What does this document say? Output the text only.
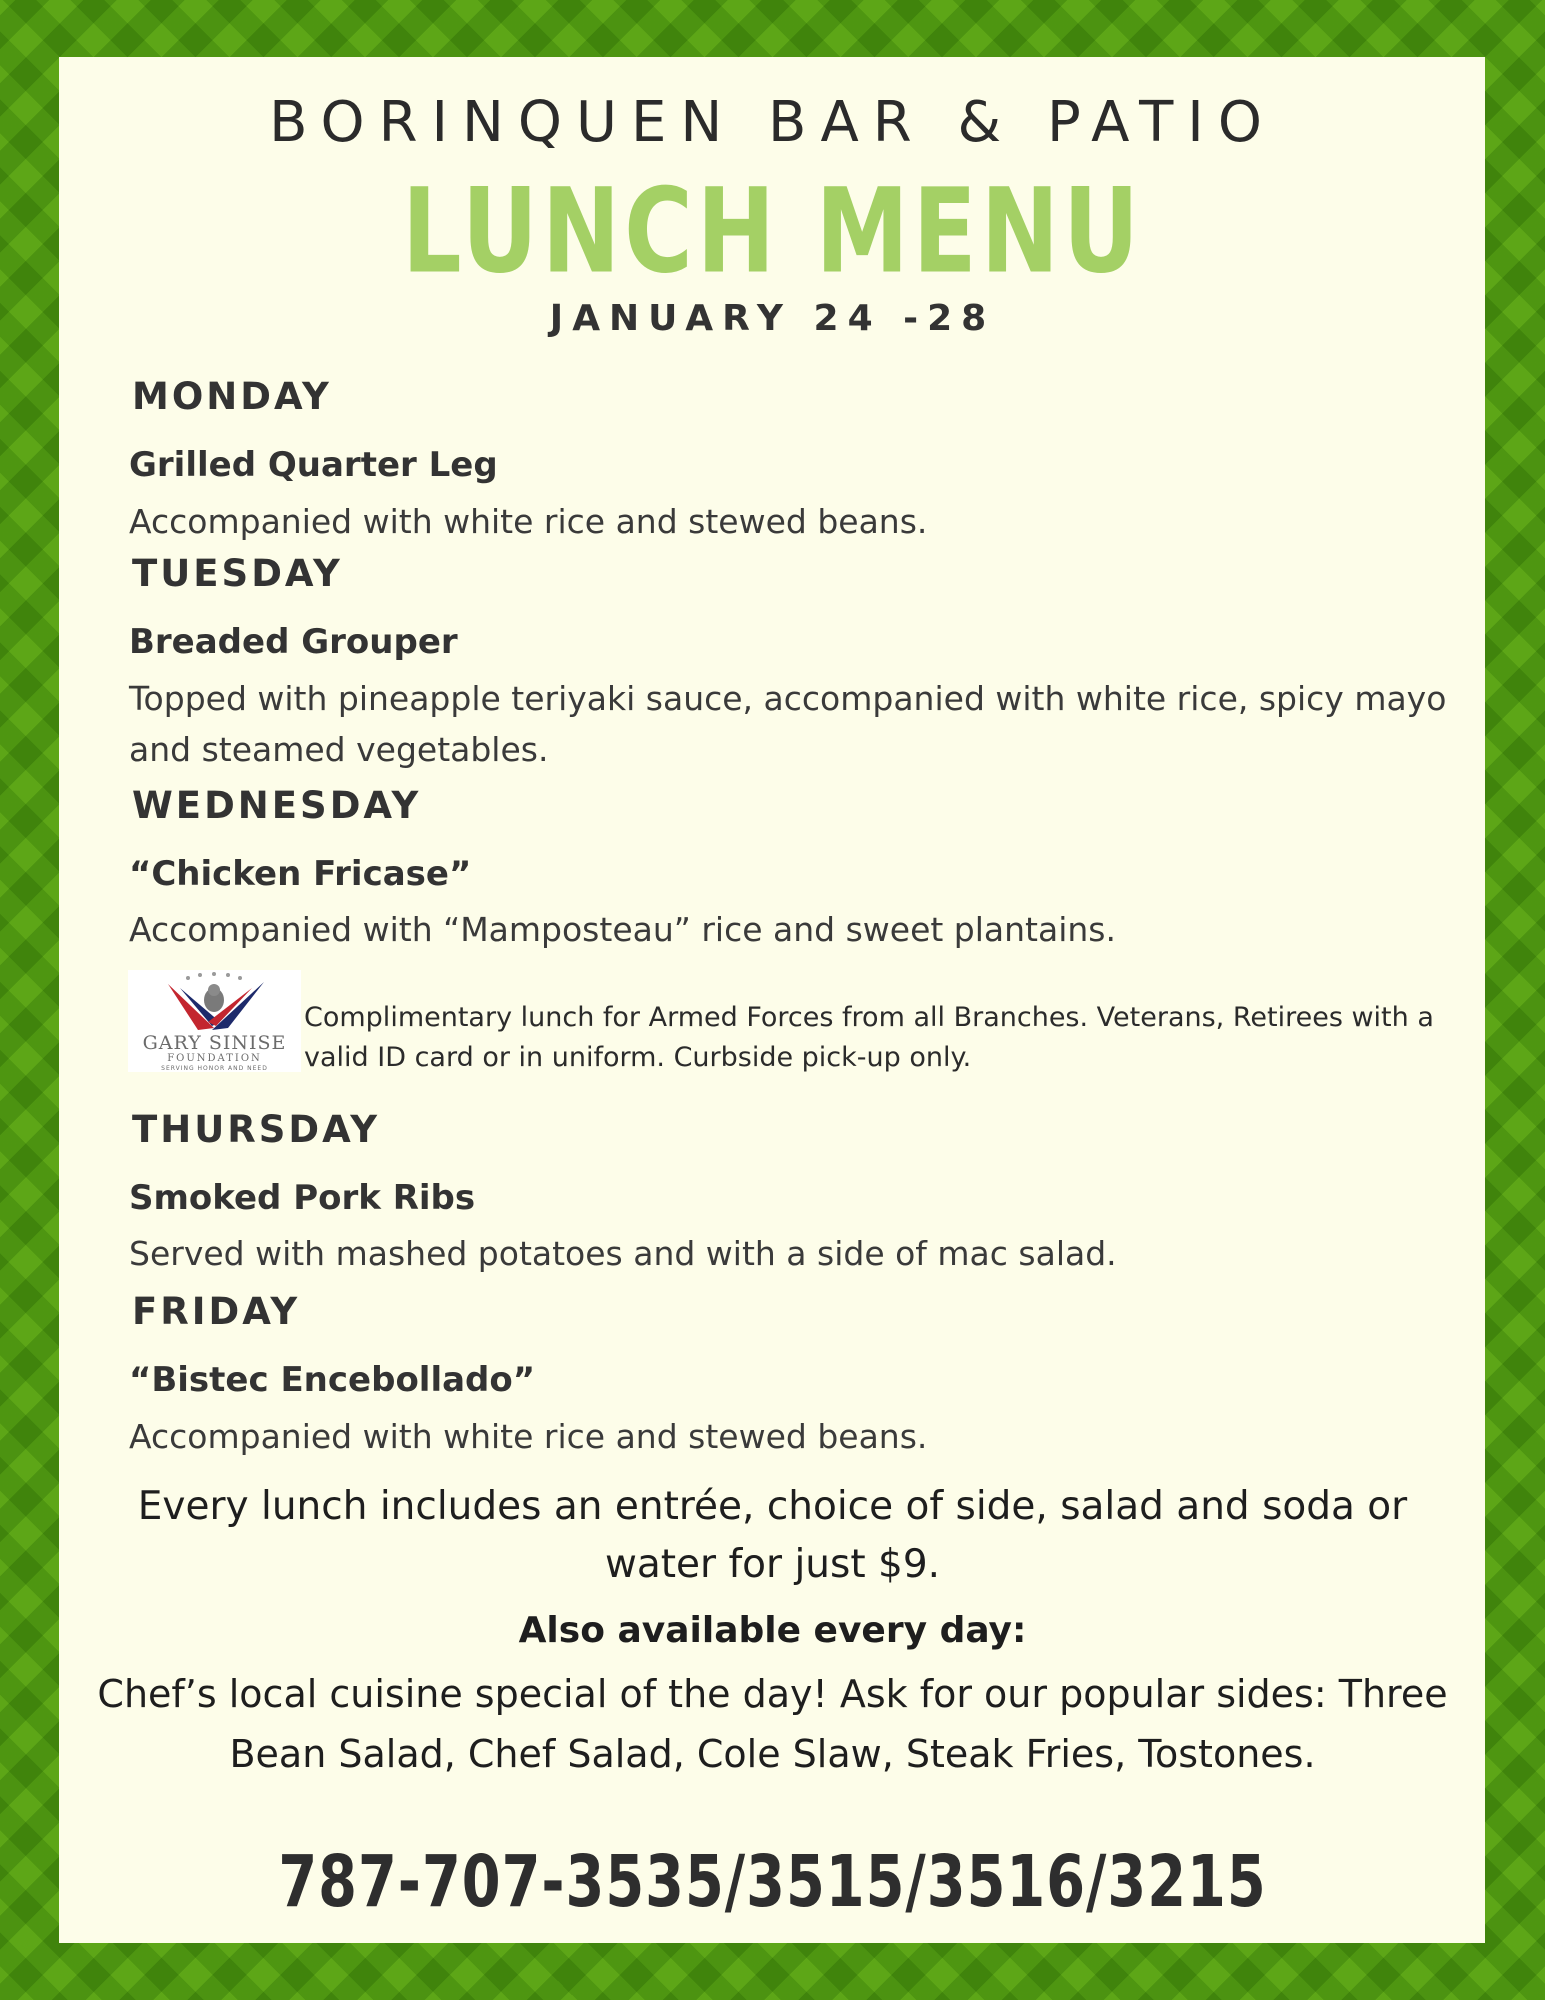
BORINQUEN BAR & PATIO
LUNCH MENU
JANUARY 24 -28
MONDAY
Grilled Quarter Leg
Accompanied with white rice and stewed beans.
TUESDAY
Breaded Grouper
Topped with pineapple teriyaki sauce, accompanied with white rice, spicy mayo and steamed vegetables.
WEDNESDAY
“Chicken Fricase”
Accompanied with “Mamposteau” rice and sweet plantains.
GARY SINISE
FOUNDATION
SERVING HONOR AND NEED
Complimentary lunch for Armed Forces from all Branches. Veterans, Retirees with a valid ID card or in uniform. Curbside pick-up only.
THURSDAY
Smoked Pork Ribs
Served with mashed potatoes and with a side of mac salad.
FRIDAY
“Bistec Encebollado”
Accompanied with white rice and stewed beans.
Every lunch includes an entrée, choice of side, salad and soda or water for just $9.
Also available every day:
Chef’s local cuisine special of the day! Ask for our popular sides: Three Bean Salad, Chef Salad, Cole Slaw, Steak Fries, Tostones.
787-707-3535/3515/3516/3215
